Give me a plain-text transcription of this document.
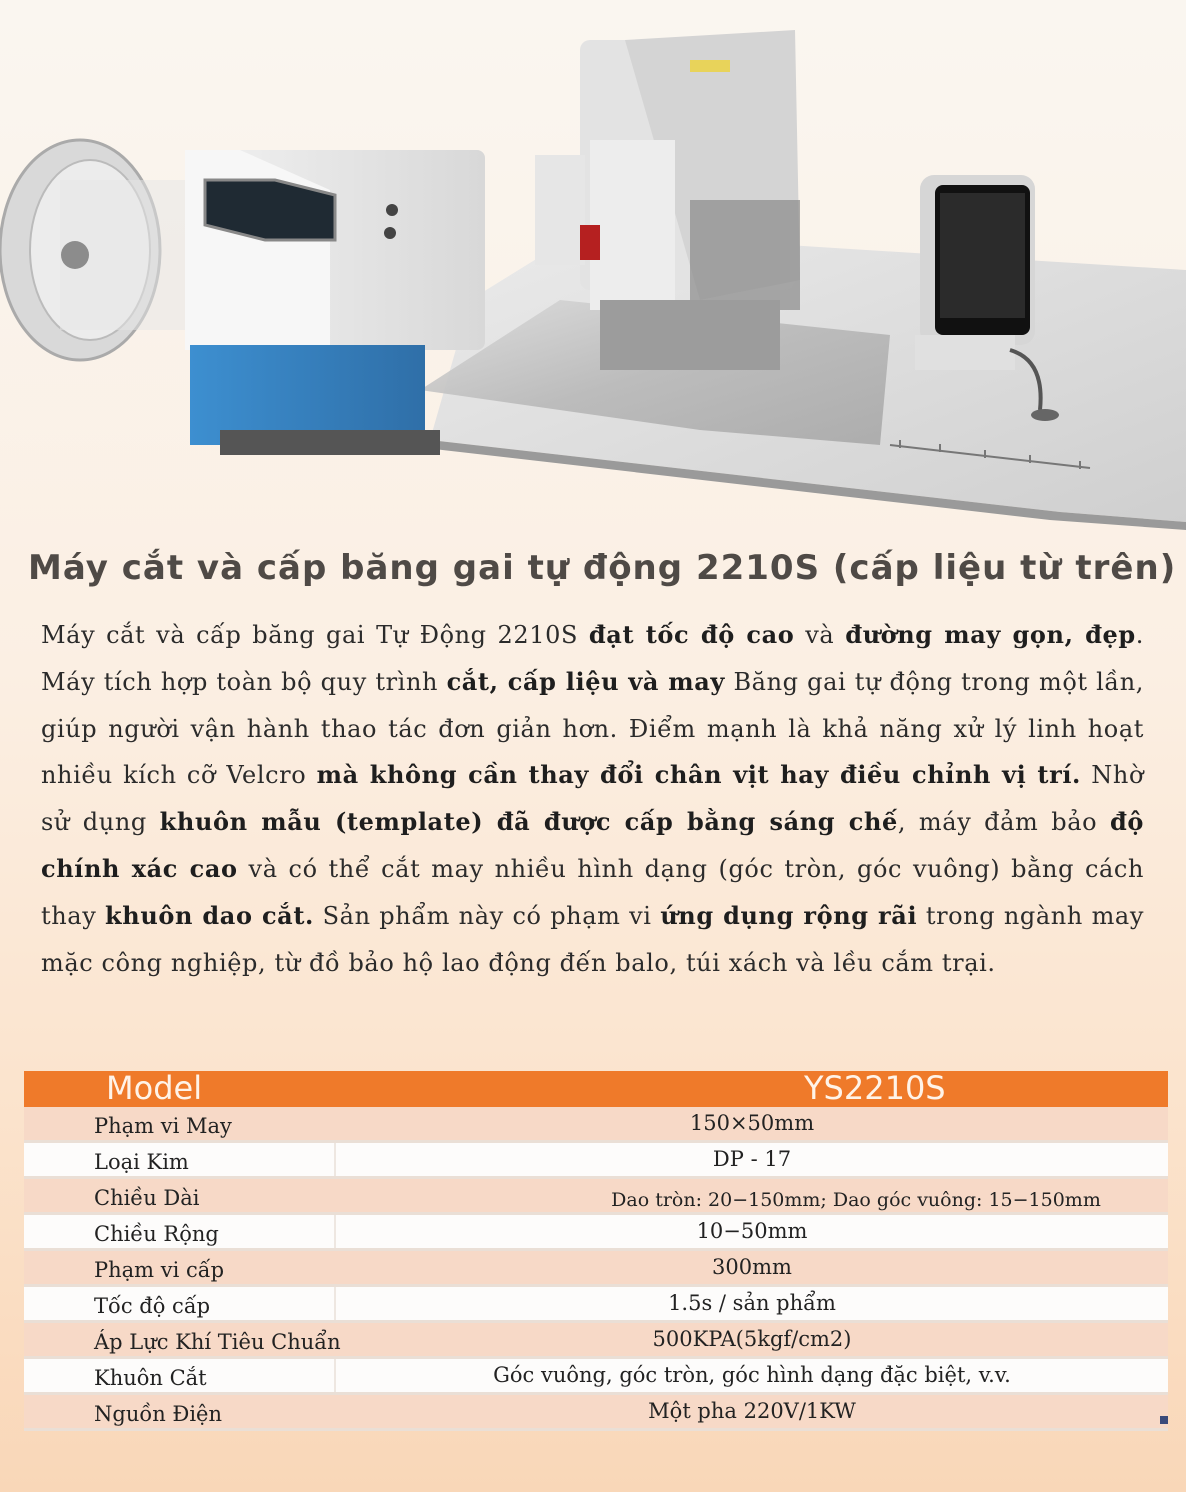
Máy cắt và cấp băng gai tự động 2210S (cấp liệu từ trên)
Máy cắt và cấp băng gai Tự Động 2210S đạt tốc độ cao và đường may gọn, đẹp. Máy tích hợp toàn bộ quy trình cắt, cấp liệu và may Băng gai tự động trong một lần, giúp người vận hành thao tác đơn giản hơn. Điểm mạnh là khả năng xử lý linh hoạt nhiều kích cỡ Velcro mà không cần thay đổi chân vịt hay điều chỉnh vị trí. Nhờ sử dụng khuôn mẫu (template) đã được cấp bằng sáng chế, máy đảm bảo độ chính xác cao và có thể cắt may nhiều hình dạng (góc tròn, góc vuông) bằng cách thay khuôn dao cắt. Sản phẩm này có phạm vi ứng dụng rộng rãi trong ngành may mặc công nghiệp, từ đồ bảo hộ lao động đến balo, túi xách và lều cắm trại.
Model	YS2210S
Phạm vi May	150×50mm
Loại Kim	DP - 17
Chiều Dài	Dao tròn: 20−150mm; Dao góc vuông: 15−150mm
Chiều Rộng	10−50mm
Phạm vi cấp	300mm
Tốc độ cấp	1.5s / sản phẩm
Áp Lực Khí Tiêu Chuẩn	500KPA(5kgf/cm2)
Khuôn Cắt	Góc vuông, góc tròn, góc hình dạng đặc biệt, v.v.
Nguồn Điện	Một pha 220V/1KW
